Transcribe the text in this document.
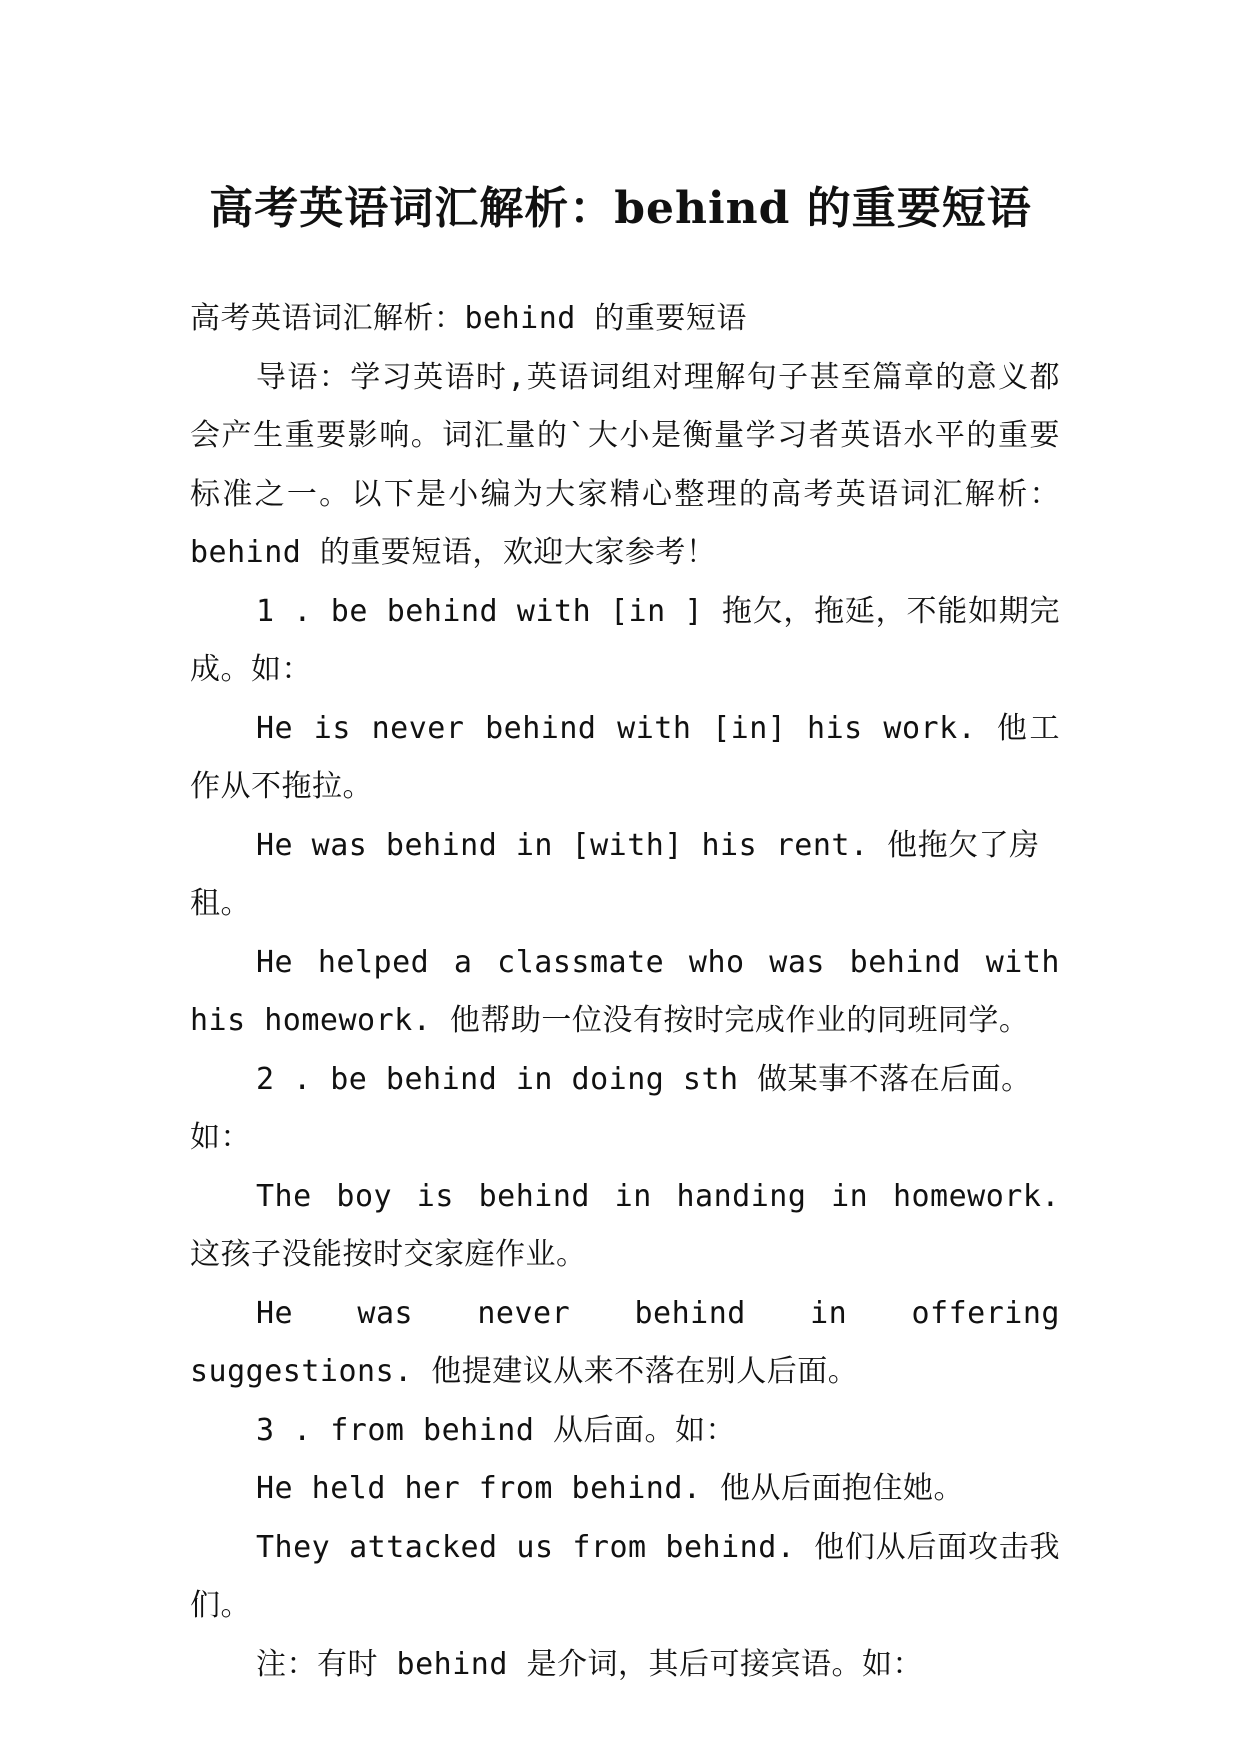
高考英语词汇解析：behind 的重要短语

高考英语词汇解析：behind 的重要短语

导语：学习英语时,英语词组对理解句子甚至篇章的意义都会产生重要影响。词汇量的`大小是衡量学习者英语水平的重要标准之一。以下是小编为大家精心整理的高考英语词汇解析：behind 的重要短语，欢迎大家参考！

1 . be behind with [in ] 拖欠，拖延，不能如期完成。如：

He is never behind with [in] his work. 他工作从不拖拉。

He was behind in [with] his rent. 他拖欠了房租。

He helped a classmate who was behind with his homework. 他帮助一位没有按时完成作业的同班同学。

2 . be behind in doing sth 做某事不落在后面。如：

The boy is behind in handing in homework. 这孩子没能按时交家庭作业。

He was never behind in offering suggestions. 他提建议从来不落在别人后面。

3 . from behind 从后面。如：

He held her from behind. 他从后面抱住她。

They attacked us from behind. 他们从后面攻击我们。

注：有时 behind 是介词，其后可接宾语。如：
